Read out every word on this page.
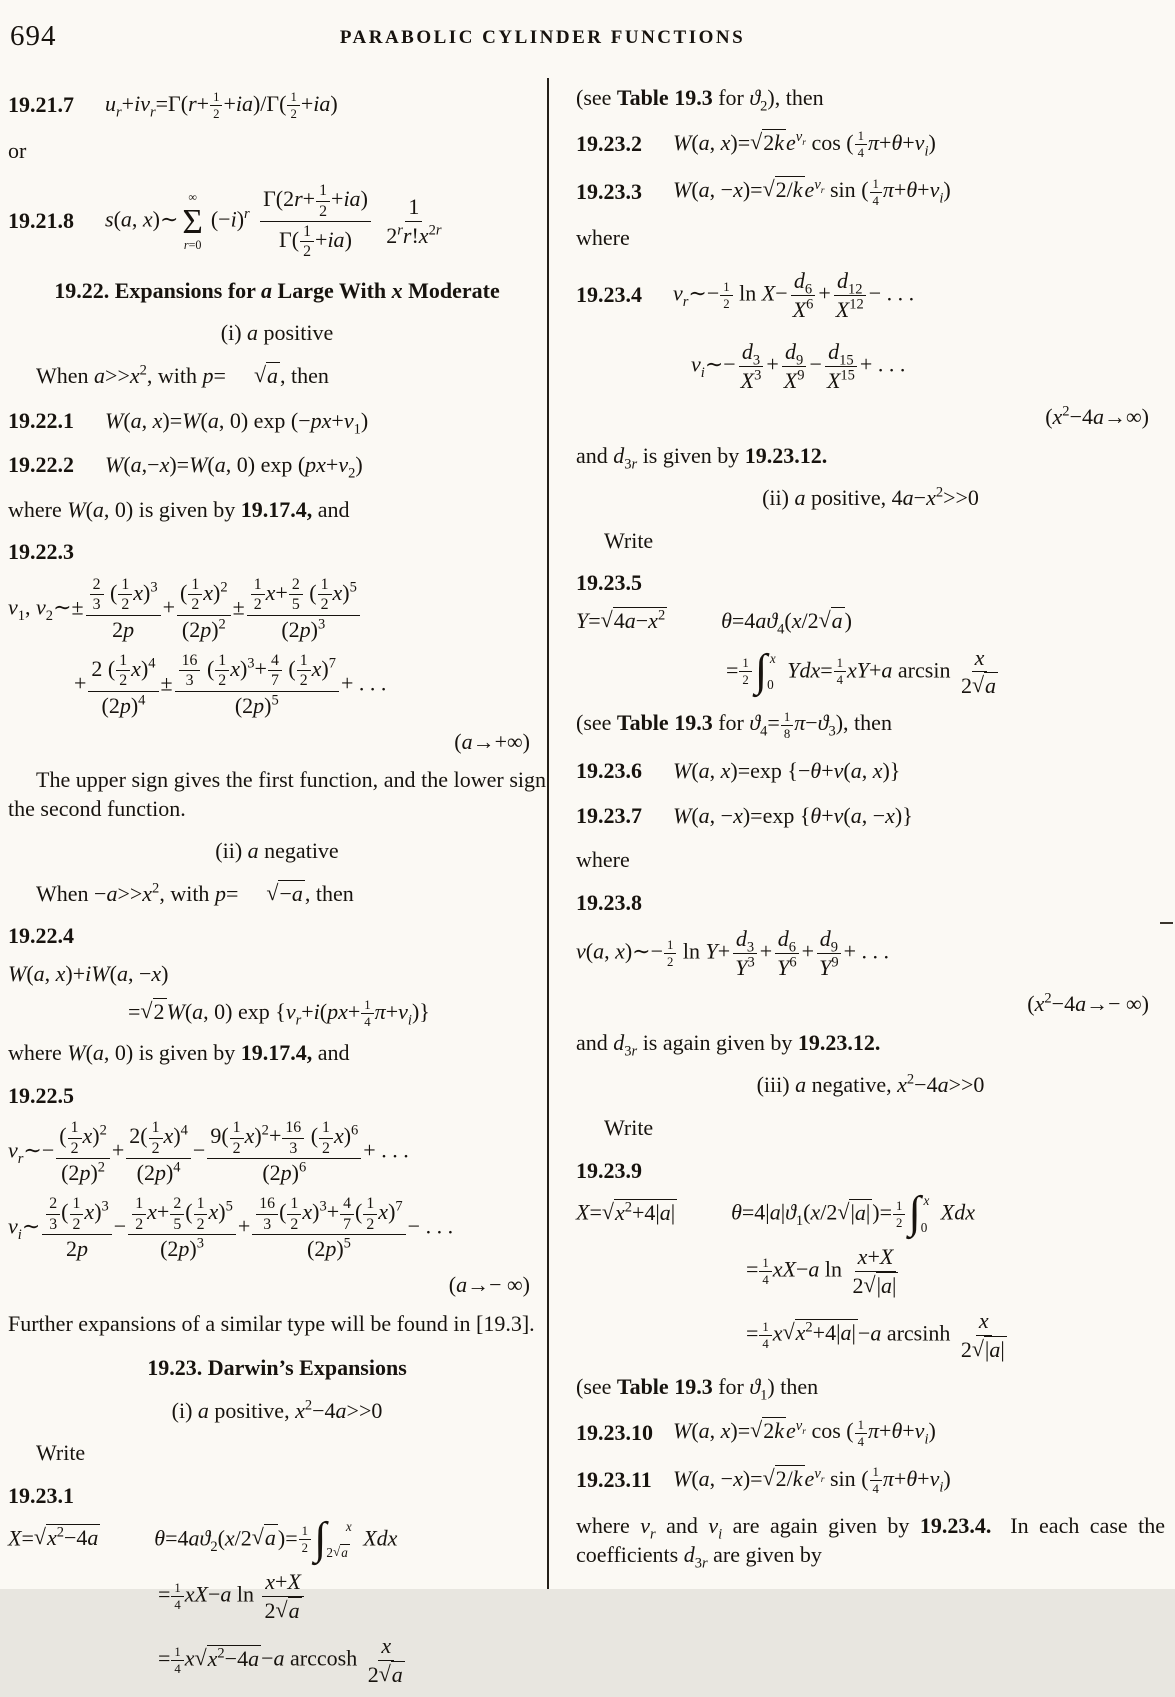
694	PARABOLIC CYLINDER FUNCTIONS
19.21.7	$u_r+iv_r=\Gamma(r+ \frac{1}{2} +ia)/\Gamma( \frac{1}{2} +ia)$
or
19.21.8	s(a, x)∼
∞
Σ
r=0
$(-i)^r \frac{\Gamma(2r+ \frac{1}{2} +ia)}{\Gamma( \frac{1}{2} +ia)} \frac{1}{2^rr!x^{2r}}$
19.22. Expansions for a Large With x Moderate
(i) a positive
When $a>>x^2$, with p= √a, then
19.22.1	W(a, x)=W(a, 0) $\exp (-px+v_1)$
19.22.2	W(a,−x)=W(a, 0) $\exp (px+v_2)$
where W(a, 0) is given by 19.17.4, and
19.22.3
$v_1$, $v_2\sim\pm \frac{\frac{2}{3} ( \frac{1}{2} x)^3}{2p} + \frac{( \frac{1}{2} x)^2}{(2p)^2} \pm \frac{\frac{1}{2} x+ \frac{2}{5} ( \frac{1}{2} x)^5}{(2p)^3}$
+ $\frac{2 ( \frac{1}{2} x)^4}{(2p)^4} \pm \frac{\frac{16}{3} ( \frac{1}{2} x)^3+ \frac{4}{7} ( \frac{1}{2} x)^7}{(2p)^5}$ + . . .
(a→+∞)
The upper sign gives the first function, and the lower sign the second function.
(ii) a negative
When $-a>>x^2$, with p= √−a, then
19.22.4
W(a, x)+iW(a, −x)
=√2W(a, 0) $\exp \{v_r+i(px+ \frac{1}{4} \pi+v_i)\}$
where W(a, 0) is given by 19.17.4, and
19.22.5
$v_r\sim- \frac{( \frac{1}{2} x)^2}{(2p)^2} + \frac{2( \frac{1}{2} x)^4}{(2p)^4} - \frac{9( \frac{1}{2} x)^2+ \frac{16}{3} ( \frac{1}{2} x)^6}{(2p)^6}$ + . . .
$v_i\sim \frac{\frac{2}{3} ( \frac{1}{2} x)^3}{2p} - \frac{\frac{1}{2} x+ \frac{2}{5} ( \frac{1}{2} x)^5}{(2p)^3} + \frac{\frac{16}{3} ( \frac{1}{2} x)^3+ \frac{4}{7} ( \frac{1}{2} x)^7}{(2p)^5}$ − . . .
(a→− ∞)
Further expansions of a similar type will be found in [19.3].
19.23. Darwin’s Expansions
(i) a positive, $x^2-4a>>0$
Write
19.23.1
$X=√x^2-4a$	$\theta=4aϑ_2(x/2√a)= \frac{1}{2}$ ∫ x
2√a
Xdx
= $\frac{1}{4} xX-a$ $\ln \frac{x+X}{2√a}$
= $\frac{1}{4} x√x^2-4a-a$ arccosh $\frac{x}{2√a}$
(see Table 19.3 for $ϑ_2$), then
19.23.2	W(a, $x)=√2ke^{v_r}$ cos ( $\frac{1}{4} \pi+\theta+v_i$)
19.23.3	W(a, $-x)=√2/ke^{v_r}$ sin ( $\frac{1}{4} \pi+\theta+v_i$)
where
19.23.4	$v_r\sim- \frac{1}{2}$ $\ln X- \frac{d_6}{X^6} + \frac{d_{12}}{X^{12}}$ − . . .
$v_i\sim- \frac{d_3}{X^3} + \frac{d_9}{X^9} - \frac{d_{15}}{X^{15}}$ + . . .
$(x^2-4a\to\infty)$
and $d_{3r}$ is given by 19.23.12.
(ii) a positive, $4a-x^2>>0$
Write
19.23.5
$Y=√4a-x^2$	$\theta=4aϑ_4(x/2√a)$
= $\frac{1}{2}$ ∫ x
0
$Ydx= \frac{1}{4} xY+a$ $\arcsin \frac{x}{2√a}$
(see Table 19.3 for $ϑ_4= \frac{1}{8} \pi-ϑ_3$), then
19.23.6	W(a, x)=exp {−θ+v(a, x)}
19.23.7	W(a, −x)=exp {θ+v(a, −x)}
where
19.23.8
v(a, x)∼− $\frac{1}{2}$ $\ln Y+ \frac{d_3}{Y^3} + \frac{d_6}{Y^6} + \frac{d_9}{Y^9}$ + . . .
($x^2-4a\to-$ ∞)
and $d_{3r}$ is again given by 19.23.12.
(iii) a negative, $x^2-4a>>0$
Write
19.23.9
$X=√x^2+4|a|$	$\theta=4|a|ϑ_1(x/2√|a|)= \frac{1}{2}$ ∫ x
0
Xdx
= $\frac{1}{4} xX-a$ $\ln \frac{x+X}{2√|a|}$
= $\frac{1}{4} x√x^2+4|a|-a$ arcsinh $\frac{x}{2√|a|}$
(see Table 19.3 for $ϑ_1$) then
19.23.10 W(a, $x)=√2ke^{v_r}$ cos ( $\frac{1}{4} \pi+\theta+v_i$)
19.23.11 W(a, $-x)=√2/ke^{v_r}$ sin ( $\frac{1}{4} \pi+\theta+v_i$)
where $v_r$ and $v_i$ are again given by 19.23.4. In each case the coefficients $d_{3r}$ are given by
